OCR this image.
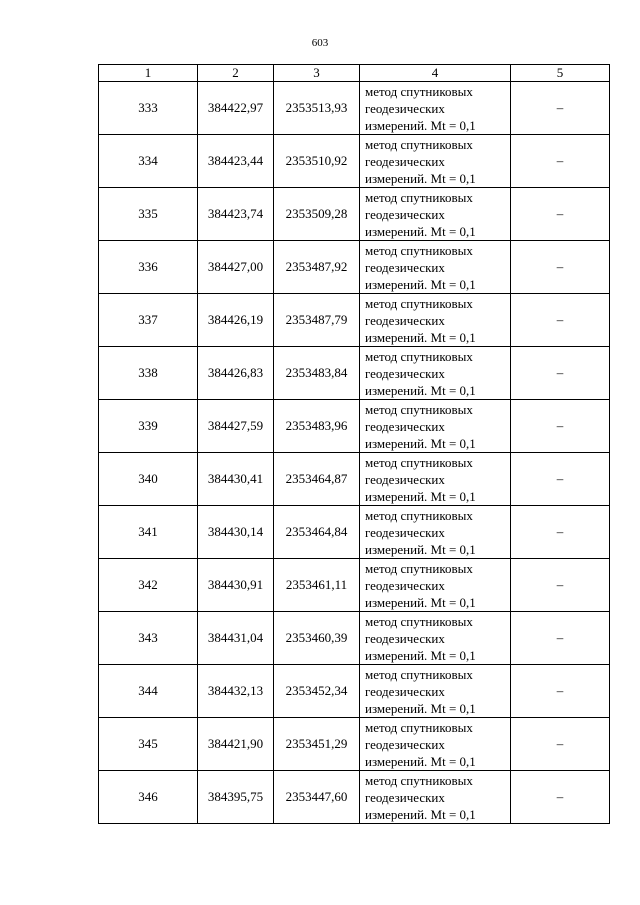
603
1	2	3	4	5
333	384422,97	2353513,93	метод спутниковых
геодезических
измерений. Mt = 0,1	–
334	384423,44	2353510,92	метод спутниковых
геодезических
измерений. Mt = 0,1	–
335	384423,74	2353509,28	метод спутниковых
геодезических
измерений. Mt = 0,1	–
336	384427,00	2353487,92	метод спутниковых
геодезических
измерений. Mt = 0,1	–
337	384426,19	2353487,79	метод спутниковых
геодезических
измерений. Mt = 0,1	–
338	384426,83	2353483,84	метод спутниковых
геодезических
измерений. Mt = 0,1	–
339	384427,59	2353483,96	метод спутниковых
геодезических
измерений. Mt = 0,1	–
340	384430,41	2353464,87	метод спутниковых
геодезических
измерений. Mt = 0,1	–
341	384430,14	2353464,84	метод спутниковых
геодезических
измерений. Mt = 0,1	–
342	384430,91	2353461,11	метод спутниковых
геодезических
измерений. Mt = 0,1	–
343	384431,04	2353460,39	метод спутниковых
геодезических
измерений. Mt = 0,1	–
344	384432,13	2353452,34	метод спутниковых
геодезических
измерений. Mt = 0,1	–
345	384421,90	2353451,29	метод спутниковых
геодезических
измерений. Mt = 0,1	–
346	384395,75	2353447,60	метод спутниковых
геодезических
измерений. Mt = 0,1	–
